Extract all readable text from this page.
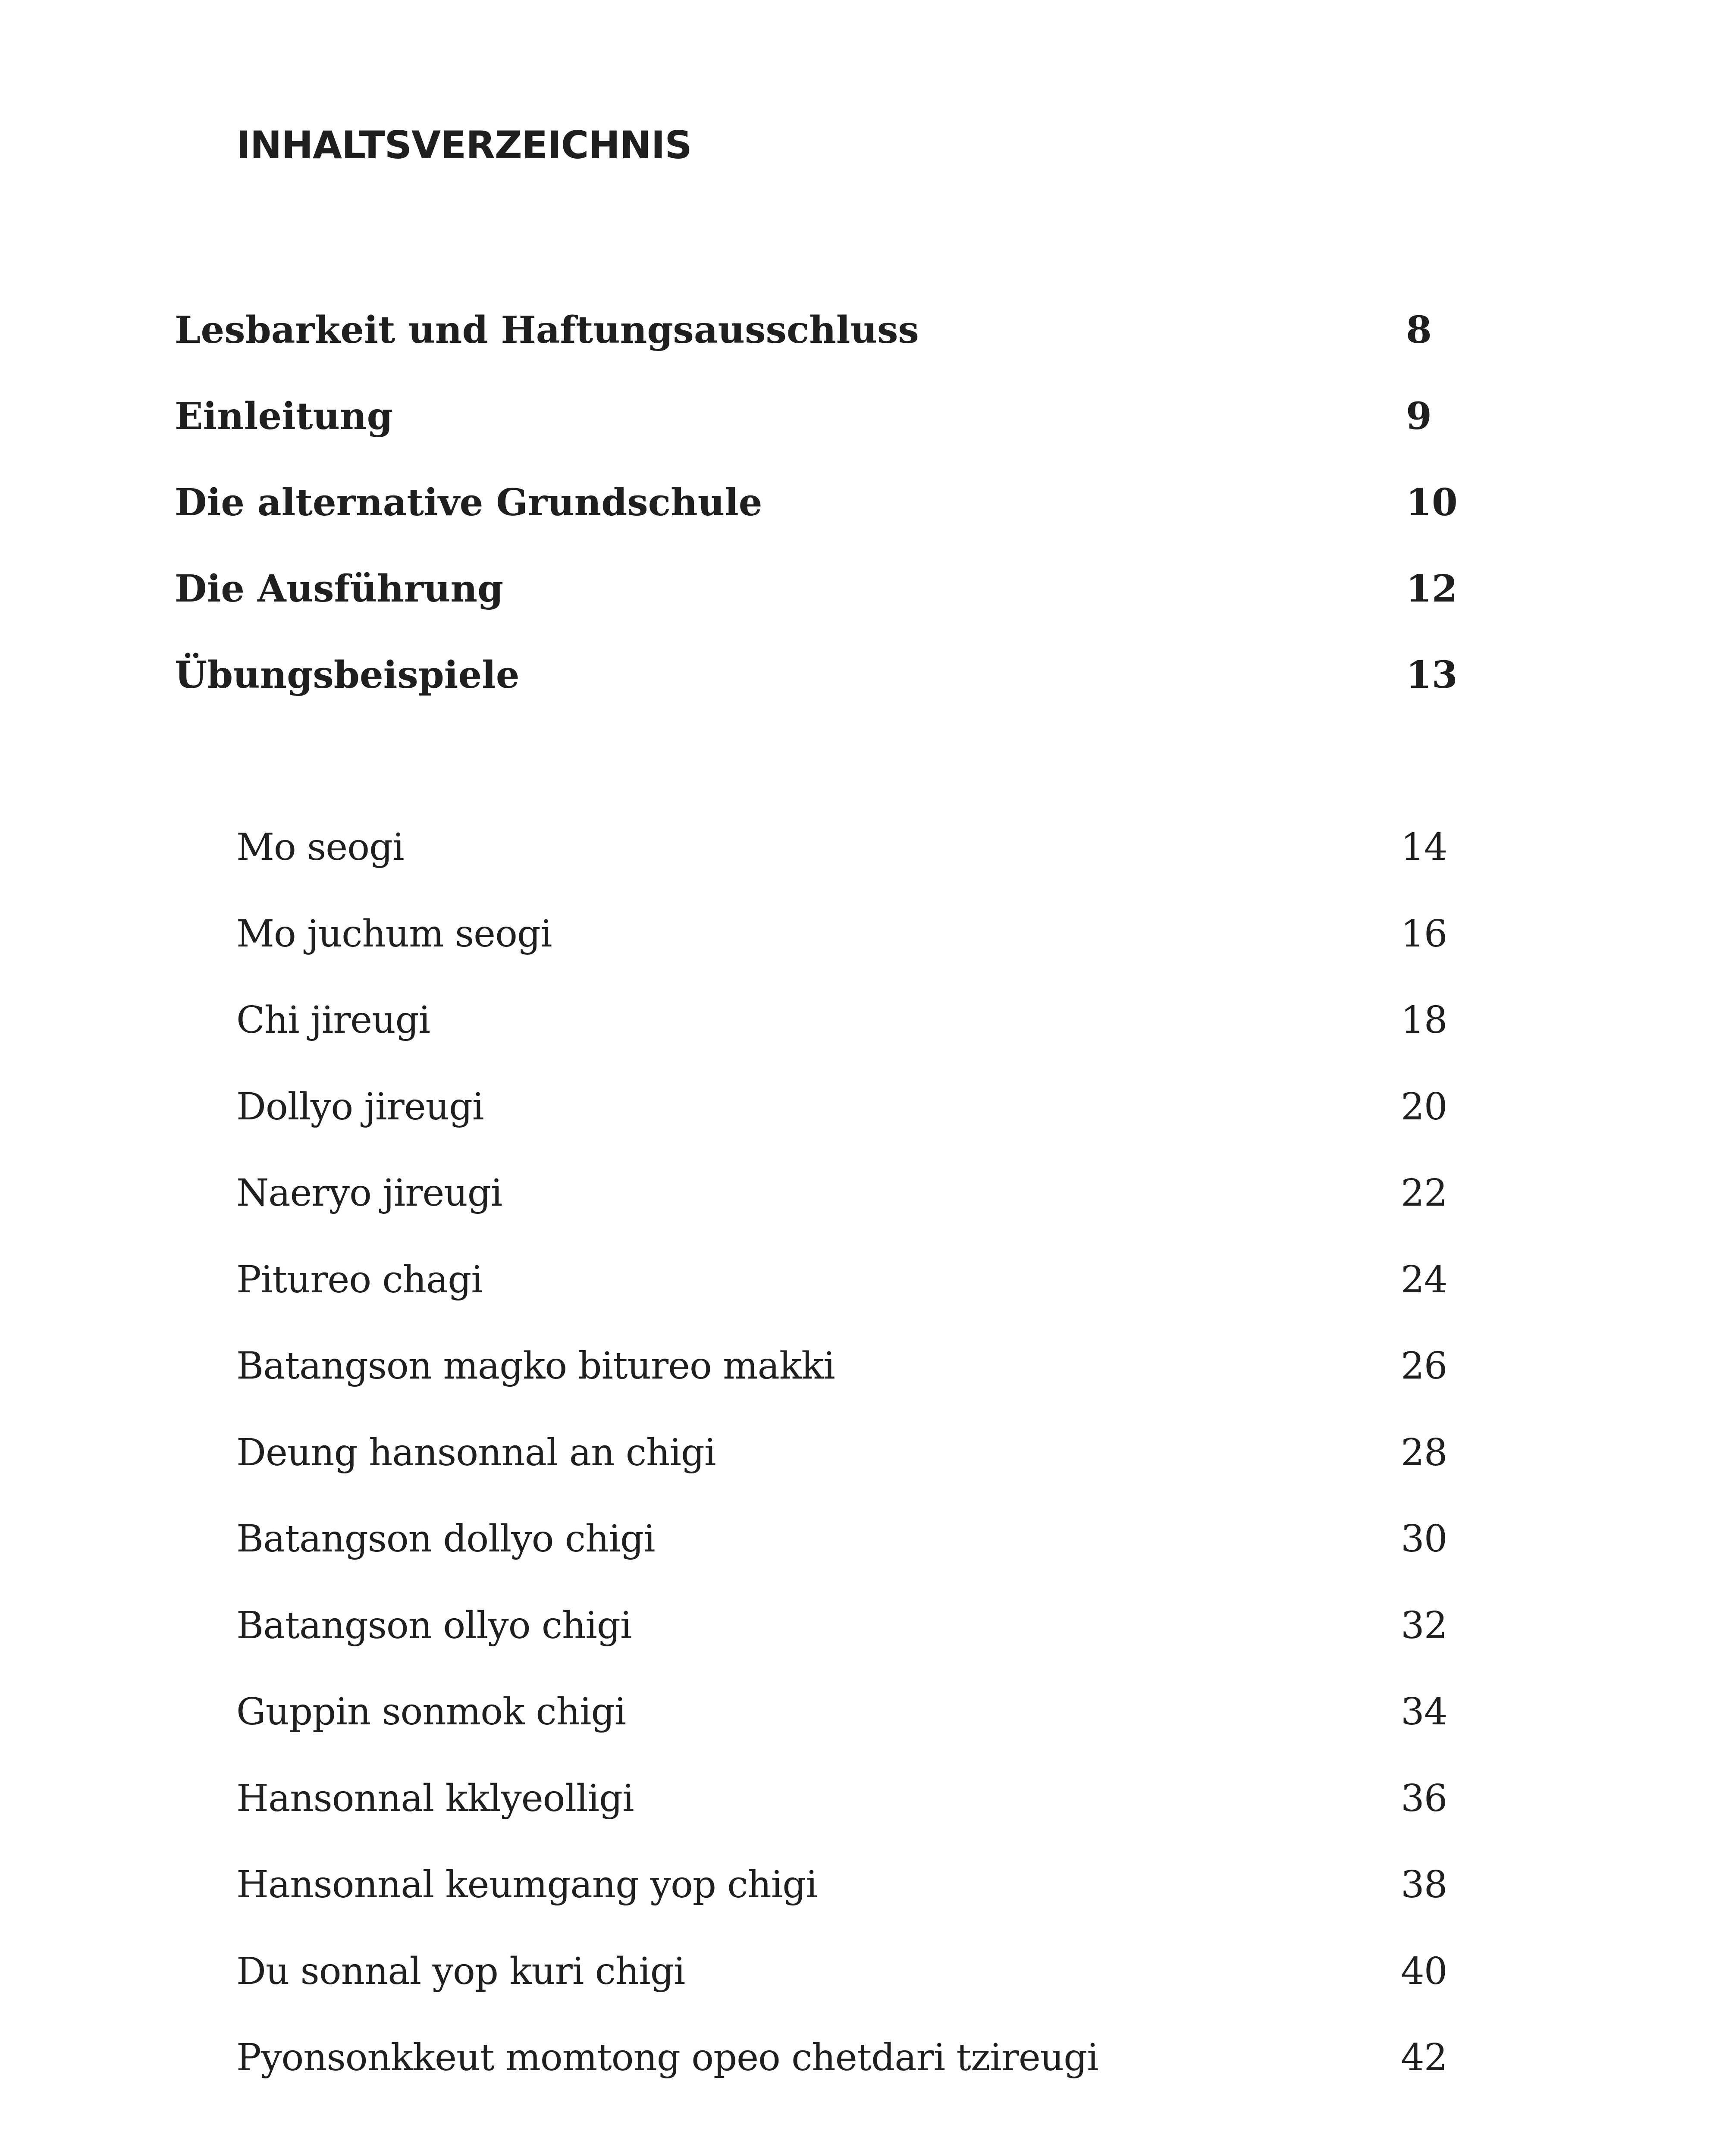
INHALTSVERZEICHNIS
Lesbarkeit und Haftungsausschluss	8
Einleitung	9
Die alternative Grundschule	10
Die Ausführung	12
Übungsbeispiele	13
Mo seogi	14
Mo juchum seogi	16
Chi jireugi	18
Dollyo jireugi	20
Naeryo jireugi	22
Pitureo chagi	24
Batangson magko bitureo makki	26
Deung hansonnal an chigi	28
Batangson dollyo chigi	30
Batangson ollyo chigi	32
Guppin sonmok chigi	34
Hansonnal kklyeolligi	36
Hansonnal keumgang yop chigi	38
Du sonnal yop kuri chigi	40
Pyonsonkkeut momtong opeo chetdari tzireugi	42
